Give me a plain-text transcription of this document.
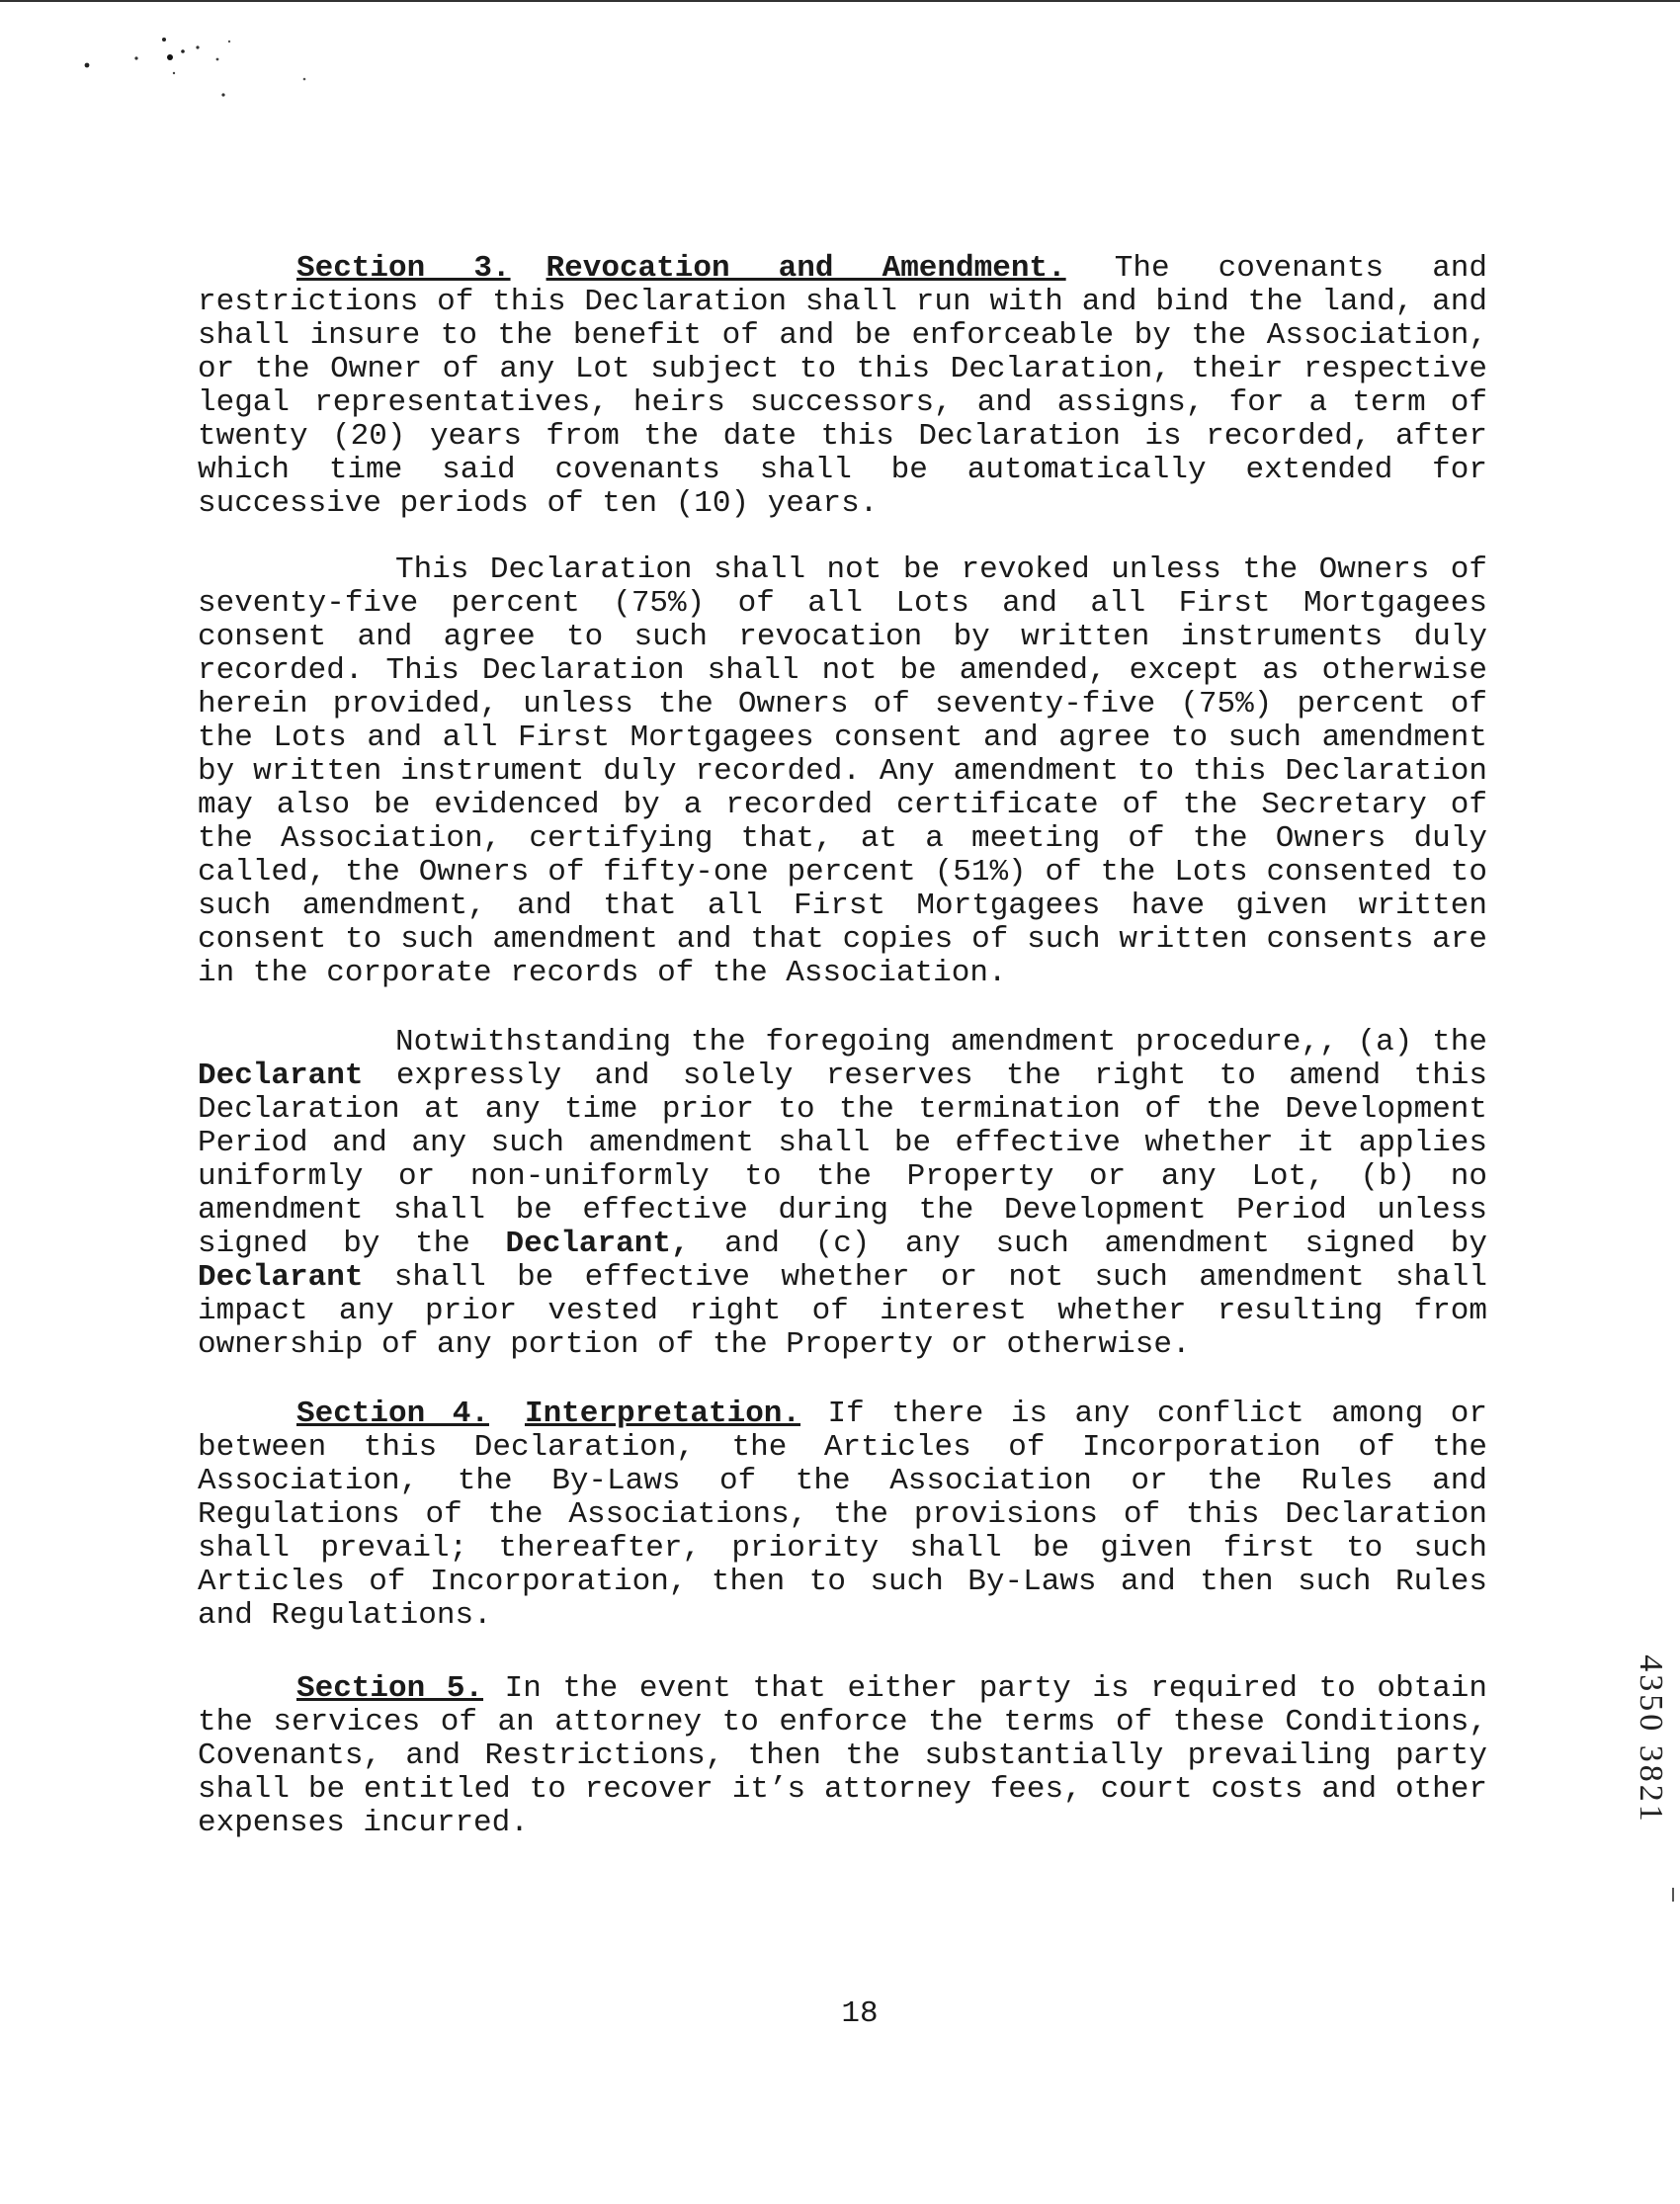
Section 3. Revocation and Amendment. The covenants and restrictions of this Declaration shall run with and bind the land, and shall insure to the benefit of and be enforceable by the Association, or the Owner of any Lot subject to this Declaration, their respective legal representatives, heirs successors, and assigns, for a term of twenty (20) years from the date this Declaration is recorded, after which time said covenants shall be automatically extended for successive periods of ten (10) years.

This Declaration shall not be revoked unless the Owners of seventy-five percent (75%) of all Lots and all First Mortgagees consent and agree to such revocation by written instruments duly recorded. This Declaration shall not be amended, except as otherwise herein provided, unless the Owners of seventy-five (75%) percent of the Lots and all First Mortgagees consent and agree to such amendment by written instrument duly recorded. Any amendment to this Declaration may also be evidenced by a recorded certificate of the Secretary of the Association, certifying that, at a meeting of the Owners duly called, the Owners of fifty-one percent (51%) of the Lots consented to such amendment, and that all First Mortgagees have given written consent to such amendment and that copies of such written consents are in the corporate records of the Association.

Notwithstanding the foregoing amendment procedure,, (a) the Declarant expressly and solely reserves the right to amend this Declaration at any time prior to the termination of the Development Period and any such amendment shall be effective whether it applies uniformly or non-uniformly to the Property or any Lot, (b) no amendment shall be effective during the Development Period unless signed by the Declarant, and (c) any such amendment signed by Declarant shall be effective whether or not such amendment shall impact any prior vested right of interest whether resulting from ownership of any portion of the Property or otherwise.

Section 4. Interpretation. If there is any conflict among or between this Declaration, the Articles of Incorporation of the Association, the By-Laws of the Association or the Rules and Regulations of the Associations, the provisions of this Declaration shall prevail; thereafter, priority shall be given first to such Articles of Incorporation, then to such By-Laws and then such Rules and Regulations.

Section 5. In the event that either party is required to obtain the services of an attorney to enforce the terms of these Conditions, Covenants, and Restrictions, then the substantially prevailing party shall be entitled to recover it’s attorney fees, court costs and other expenses incurred.

18
4350 3821
